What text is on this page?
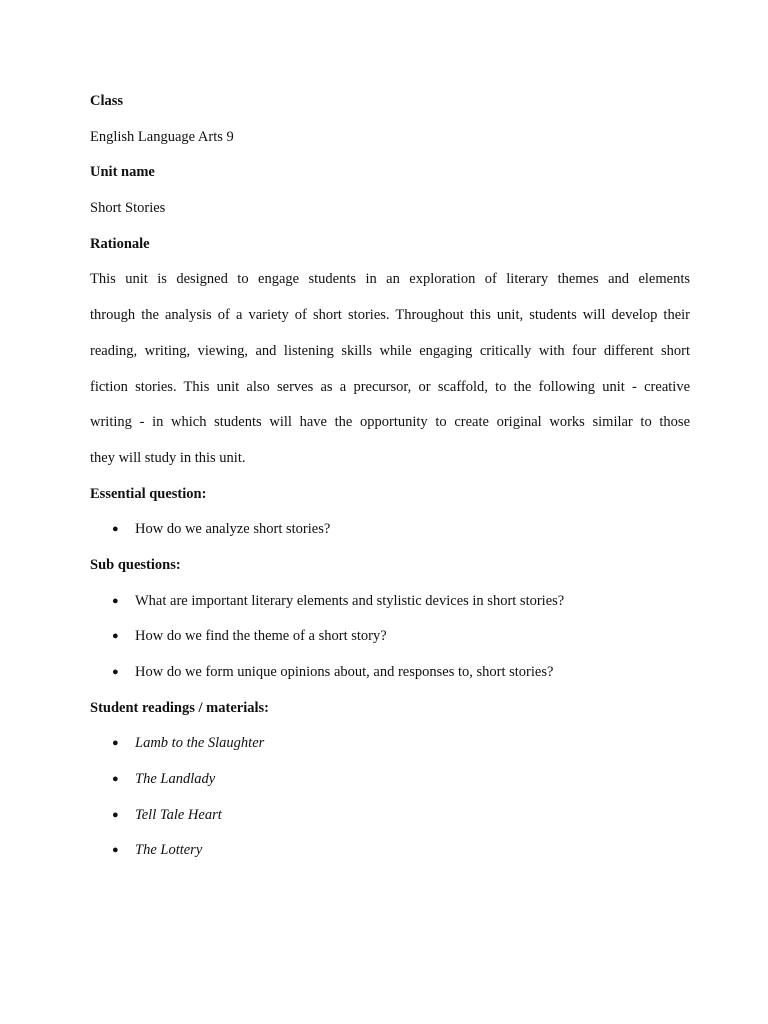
Class
English Language Arts 9
Unit name
Short Stories
Rationale
This unit is designed to engage students in an exploration of literary themes and elements
through the analysis of a variety of short stories. Throughout this unit, students will develop their
reading, writing, viewing, and listening skills while engaging critically with four different short
fiction stories. This unit also serves as a precursor, or scaffold, to the following unit - creative
writing - in which students will have the opportunity to create original works similar to those
they will study in this unit.
Essential question:
● How do we analyze short stories?
Sub questions:
● What are important literary elements and stylistic devices in short stories?
● How do we find the theme of a short story?
● How do we form unique opinions about, and responses to, short stories?
Student readings / materials:
● Lamb to the Slaughter
● The Landlady
● Tell Tale Heart
● The Lottery
